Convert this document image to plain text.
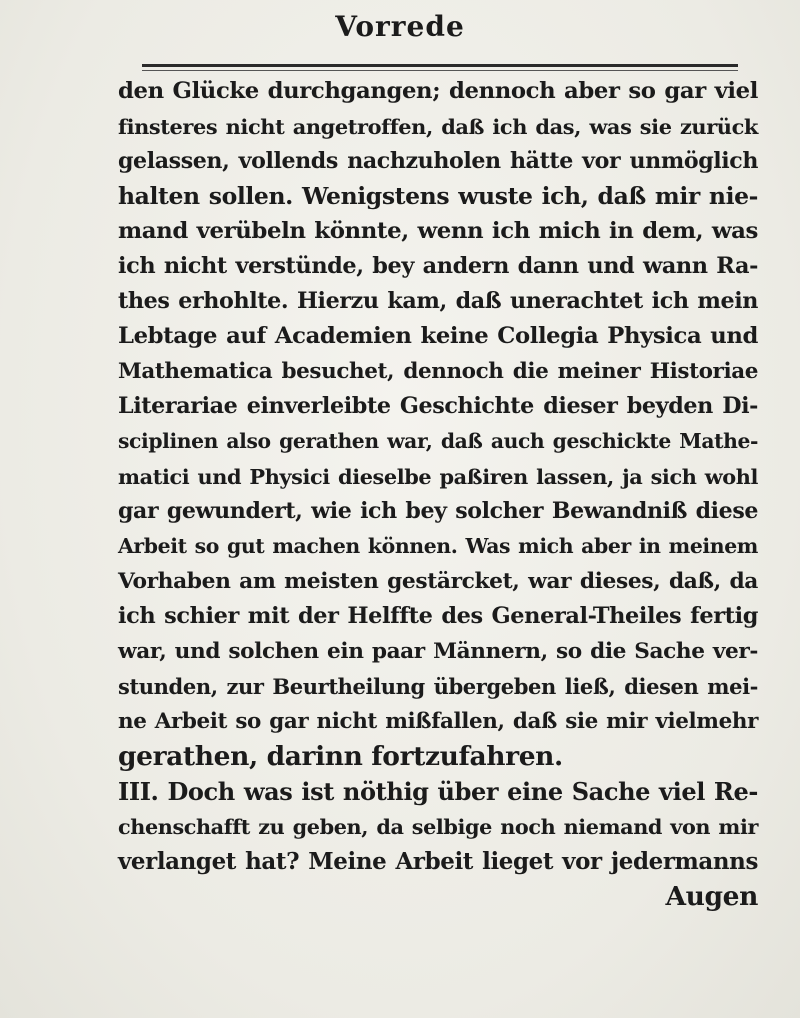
Vorrede
den Glücke durchgangen; dennoch aber so gar viel
finsteres nicht angetroffen, daß ich das, was sie zurück
gelassen, vollends nachzuholen hätte vor unmöglich
halten sollen. Wenigstens wuste ich, daß mir nie-
mand verübeln könnte, wenn ich mich in dem, was
ich nicht verstünde, bey andern dann und wann Ra-
thes erhohlte. Hierzu kam, daß unerachtet ich mein
Lebtage auf Academien keine Collegia Physica und
Mathematica besuchet, dennoch die meiner Historiae
Literariae einverleibte Geschichte dieser beyden Di-
sciplinen also gerathen war, daß auch geschickte Mathe-
matici und Physici dieselbe paßiren lassen, ja sich wohl
gar gewundert, wie ich bey solcher Bewandniß diese
Arbeit so gut machen können. Was mich aber in meinem
Vorhaben am meisten gestärcket, war dieses, daß, da
ich schier mit der Helffte des General-Theiles fertig
war, und solchen ein paar Männern, so die Sache ver-
stunden, zur Beurtheilung übergeben ließ, diesen mei-
ne Arbeit so gar nicht mißfallen, daß sie mir vielmehr
gerathen, darinn fortzufahren.
III. Doch was ist nöthig über eine Sache viel Re-
chenschafft zu geben, da selbige noch niemand von mir
verlanget hat? Meine Arbeit lieget vor jedermanns
Augen
